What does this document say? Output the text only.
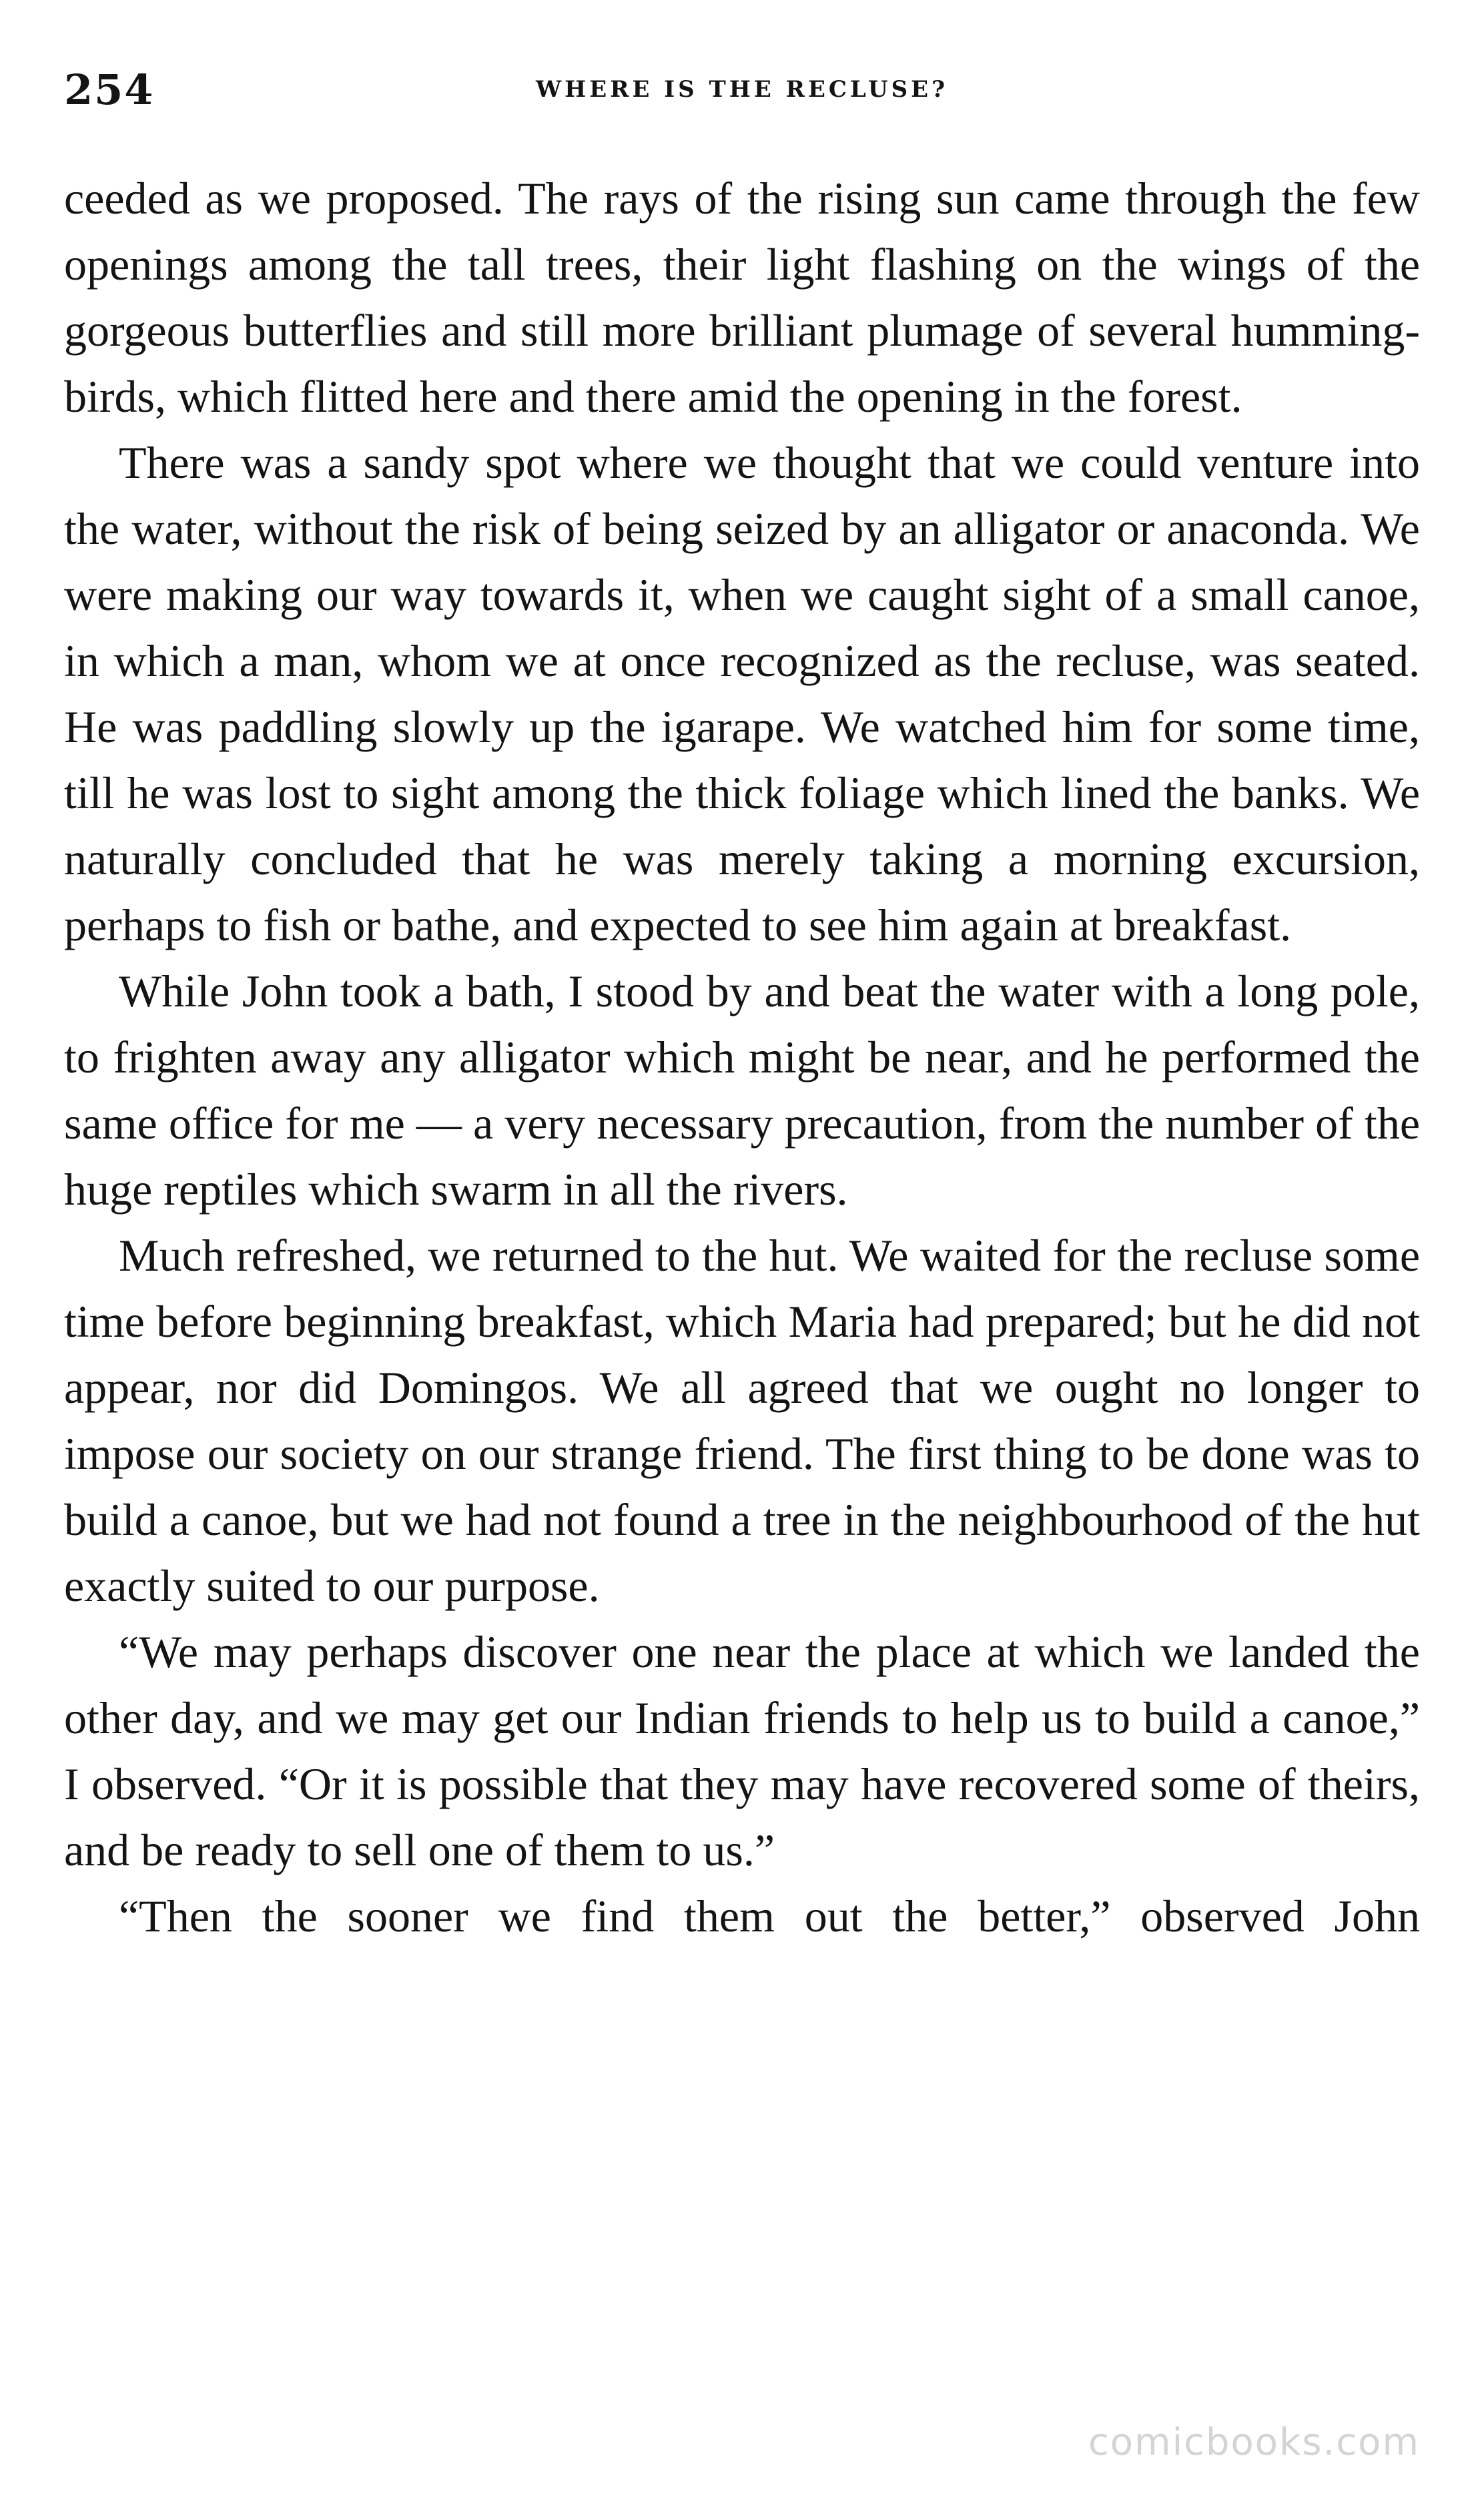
254	WHERE IS THE RECLUSE?

ceeded as we proposed. The rays of the rising sun came through the few openings among the tall trees, their light flashing on the wings of the gorgeous butterflies and still more brilliant plumage of several humming-birds, which flitted here and there amid the opening in the forest.

There was a sandy spot where we thought that we could venture into the water, without the risk of being seized by an alligator or anaconda. We were making our way towards it, when we caught sight of a small canoe, in which a man, whom we at once recognized as the recluse, was seated. He was paddling slowly up the igarape. We watched him for some time, till he was lost to sight among the thick foliage which lined the banks. We naturally concluded that he was merely taking a morning excursion, perhaps to fish or bathe, and expected to see him again at breakfast.

While John took a bath, I stood by and beat the water with a long pole, to frighten away any alligator which might be near, and he performed the same office for me — a very necessary precaution, from the number of the huge reptiles which swarm in all the rivers.

Much refreshed, we returned to the hut. We waited for the recluse some time before beginning breakfast, which Maria had prepared; but he did not appear, nor did Domingos. We all agreed that we ought no longer to impose our society on our strange friend. The first thing to be done was to build a canoe, but we had not found a tree in the neighbourhood of the hut exactly suited to our purpose.

“We may perhaps discover one near the place at which we landed the other day, and we may get our Indian friends to help us to build a canoe,” I observed. “Or it is possible that they may have recovered some of theirs, and be ready to sell one of them to us.”

“Then the sooner we find them out the better,” observed John

comicbooks.com
